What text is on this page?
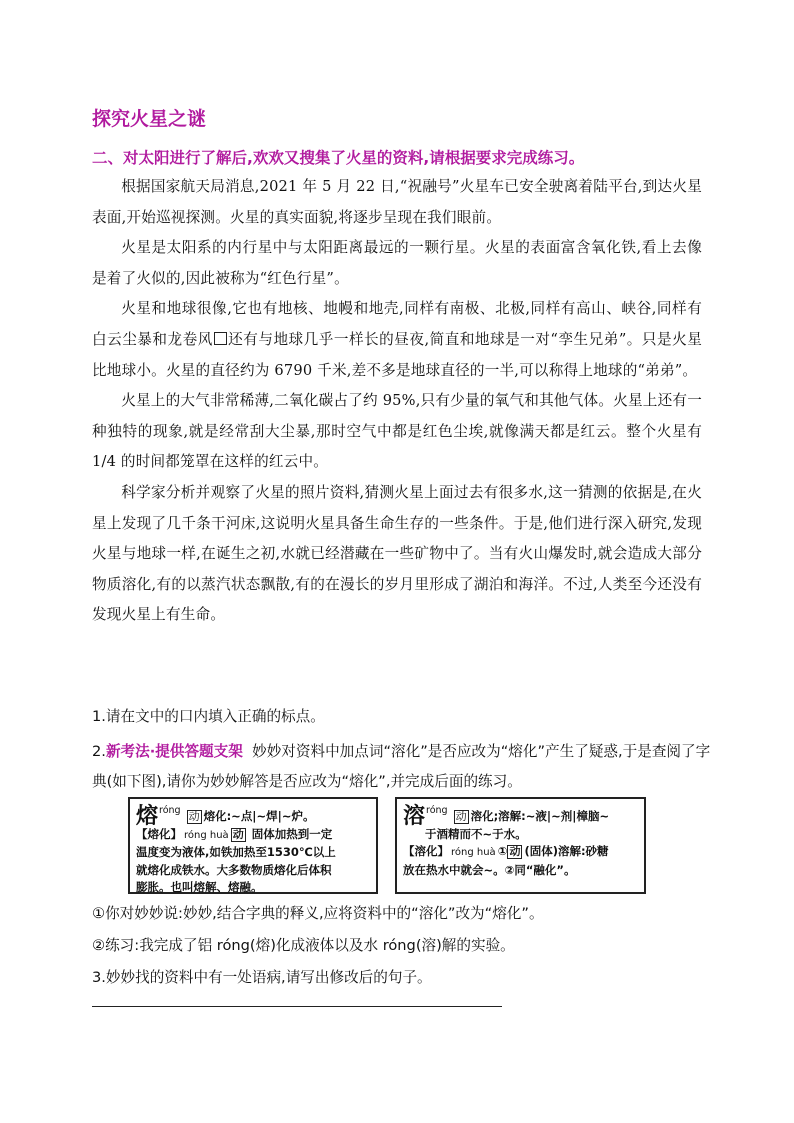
探究火星之谜
二、对太阳进行了解后,欢欢又搜集了火星的资料,请根据要求完成练习。

根据国家航天局消息,2021 年 5 月 22 日,“祝融号”火星车已安全驶离着陆平台,到达火星表面,开始巡视探测。火星的真实面貌,将逐步呈现在我们眼前。

火星是太阳系的内行星中与太阳距离最远的一颗行星。火星的表面富含氧化铁,看上去像是着了火似的,因此被称为“红色行星”。

火星和地球很像,它也有地核、地幔和地壳,同样有南极、北极,同样有高山、峡谷,同样有白云尘暴和龙卷风 还有与地球几乎一样长的昼夜,简直和地球是一对“孪生兄弟”。只是火星比地球小。火星的直径约为 6790 千米,差不多是地球直径的一半,可以称得上地球的“弟弟”。

火星上的大气非常稀薄,二氧化碳占了约 95%,只有少量的氧气和其他气体。火星上还有一种独特的现象,就是经常刮大尘暴,那时空气中都是红色尘埃,就像满天都是红云。整个火星有 1/4 的时间都笼罩在这样的红云中。

科学家分析并观察了火星的照片资料,猜测火星上面过去有很多水,这一猜测的依据是,在火星上发现了几千条干河床,这说明火星具备生命生存的一些条件。于是,他们进行深入研究,发现火星与地球一样,在诞生之初,水就已经潜藏在一些矿物中了。当有火山爆发时,就会造成大部分物质溶化,有的以蒸汽状态飘散,有的在漫长的岁月里形成了湖泊和海洋。不过,人类至今还没有发现火星上有生命。

1.请在文中的口内填入正确的标点。
2.新考法·提供答题支架 妙妙对资料中加点词“溶化”是否应改为“熔化”产生了疑惑,于是查阅了字典(如下图),请你为妙妙解答是否应改为“熔化”,并完成后面的练习。
熔$^{róng}$ 动 熔化:~点|~焊|~炉。
【熔化】 róng huà 动 固体加热到一定
温度变为液体,如铁加热至1530℃以上
就熔化成铁水。大多数物质熔化后体积
膨胀。也叫熔解、熔融。
溶$^{róng}$ 动 溶化;溶解:~液|~剂|樟脑~
于酒精而不~于水。
【溶化】 róng huà ① 动 (固体)溶解:砂糖
放在热水中就会~。②同“融化”。
①你对妙妙说:妙妙,结合字典的释义,应将资料中的“溶化”改为“熔化”。
②练习:我完成了铝 róng(熔)化成液体以及水 róng(溶)解的实验。
3.妙妙找的资料中有一处语病,请写出修改后的句子。
